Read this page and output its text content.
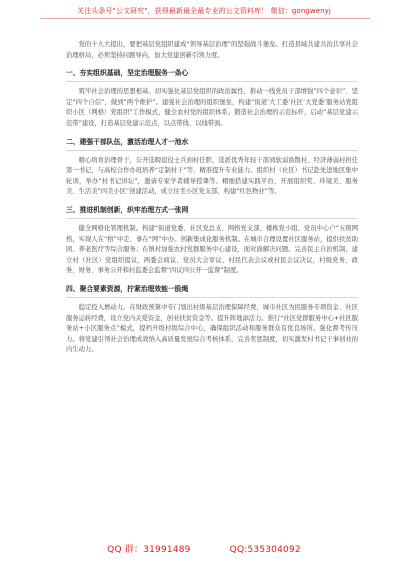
关注头条号"公文研究"，获得最新最全最专业的公文资料库！ 微信：gongwenyj

党的十九大提出，要把基层党组织建成“领导基层治理”的坚强战斗堡垒。打造县域共建共治共享社会治理格局，必须坚持问题导向，加大党建创新引领力度。

一、夯实组织基础，坚定治理服务一条心

筑牢社会治理的思想根基。切实强化基层党组织的政治属性，推动一线党员干部增强“四个意识”、坚定“四个自信”，做到“两个维护”。建强社会治理的组织堡垒，构建“街道‘大工委’社区‘大党委’服务站党组织小区（网格）党组织”工作模式，健全农村党的组织体系。锻造社会治理的示范标杆，启动“基层党建示范带”建设，打造基层党建示范点，以点带线、以线带面。

二、建强干部队伍，激活治理人才一池水

精心培育治理骨干，公开选聘退役士兵到村任职，选派优秀年轻干部到软弱涣散村、经济薄弱村担任第一书记，与高校合作办班培养“定制村干”等，精准提升专业能力。组织村（社区）书记赴先进地区集中轮训，举办“村书记讲坛”，邀请专家学者辅导授课等。精细搭建实践平台，开展组织奖、环境美、服务美、生活美“四美小区”创建活动，成立住宅小区党支部，构建“红色物业”等。

三、推进机制创新，织牢治理方式一张网

健全网格化管理机制。构建“街道党委、社区党总支、网格党支部、楼栋党小组、党员中心户”五级网格，实现人在“格”中走、事在“网”中办。创新集成化服务机制。在城市合理设置社区服务站，提供扶贫助困、养老医疗等综合服务；在镇村加强农村党群服务中心建设，面对面解决问题。完善民主自治机制，建立村（社区）党组织提议、两委会商议、党员大会审议、村民代表会议或村民会议决议，村级党务、政务、财务、事务公开和村监委会监督“四议四公开一监督”制度。

四、聚合要素资源，拧紧治理效能一股绳

稳定投入增动力。在财政预算中专门划出村级基层治理保障经费，城市社区为民服务专项资金、社区服务运转经费，设立党内关爱资金，创业扶贫资金等。提升阵地添活力。推行“社区党群服务中心+社区服务站+小区服务点”模式，提档升级村级综合中心，确保组织活动和服务群众有优良场所。强化督考传压力。将党建引领社会治理成效纳入高质量发展综合考核体系，完善奖惩制度，切实激发村书记干事创业的内生动力。

QQ 群：31991489	QQ:535304092
